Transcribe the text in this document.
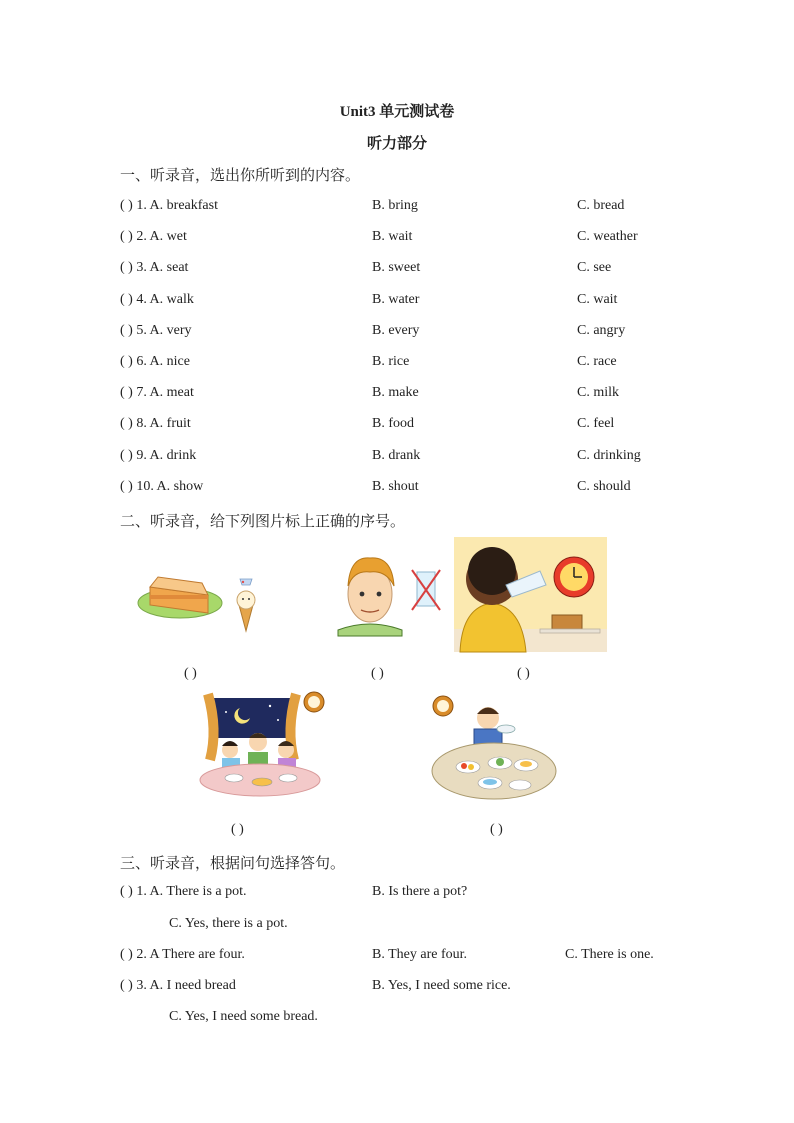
Unit3 单元测试卷
听力部分
一、听录音，选出你所听到的内容。
( ) 1. A. breakfast	B. bring	C. bread
( ) 2. A. wet	B. wait	C. weather
( ) 3. A. seat	B. sweet	C. see
( ) 4. A. walk	B. water	C. wait
( ) 5. A. very	B. every	C. angry
( ) 6. A. nice	B. rice	C. race
( ) 7. A. meat	B. make	C. milk
( ) 8. A. fruit	B. food	C. feel
( ) 9. A. drink	B. drank	C. drinking
( ) 10. A. show	B. shout	C. should
二、听录音，给下列图片标上正确的序号。
( )	( )	( )
( )	( )
三、听录音，根据问句选择答句。
( ) 1. A. There is a pot.	B. Is there a pot?
C. Yes, there is a pot.
( ) 2. A There are four.	B. They are four.	C. There is one.
( ) 3. A. I need bread	B. Yes, I need some rice.
C. Yes, I need some bread.
